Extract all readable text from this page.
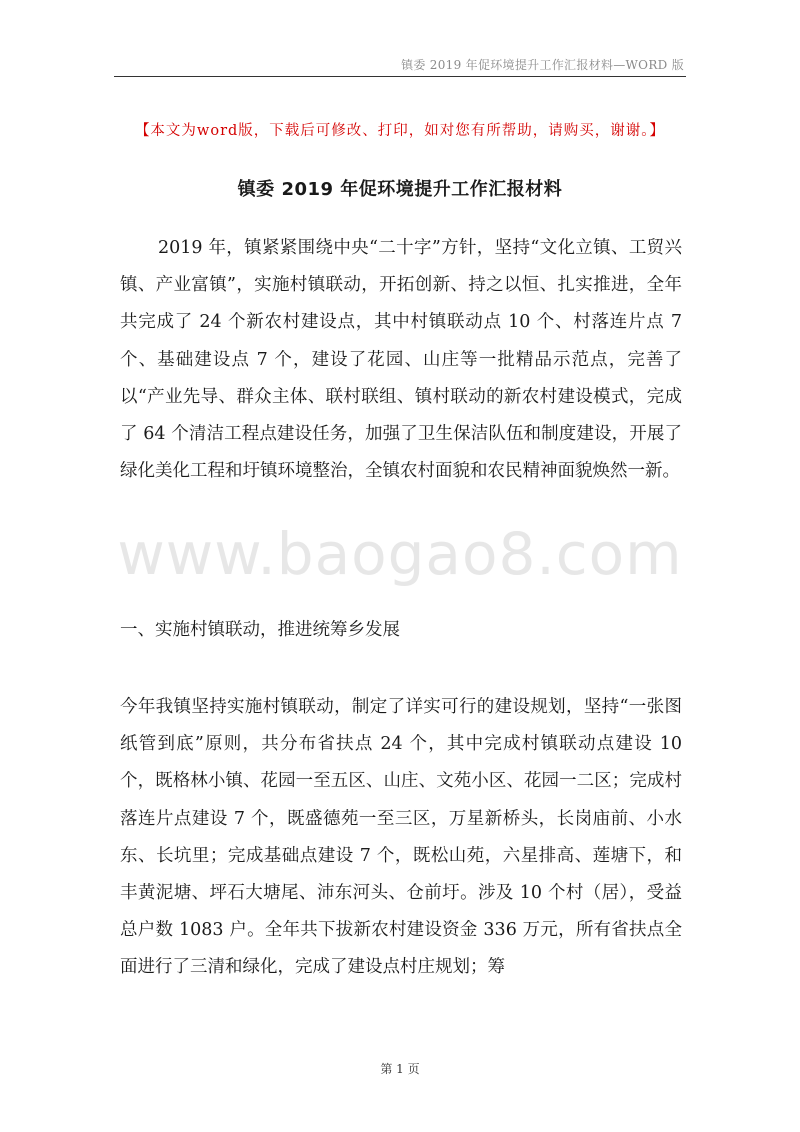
镇委 2019 年促环境提升工作汇报材料—WORD 版
【本文为word版，下载后可修改、打印，如对您有所帮助，请购买，谢谢。】
镇委 2019 年促环境提升工作汇报材料

2019 年，镇紧紧围绕中央“二十字”方针，坚持“文化立镇、工贸兴镇、产业富镇”，实施村镇联动，开拓创新、持之以恒、扎实推进，全年共完成了 24 个新农村建设点，其中村镇联动点 10 个、村落连片点 7 个、基础建设点 7 个，建设了花园、山庄等一批精品示范点，完善了以“产业先导、群众主体、联村联组、镇村联动的新农村建设模式，完成了 64 个清洁工程点建设任务，加强了卫生保洁队伍和制度建设，开展了绿化美化工程和圩镇环境整治，全镇农村面貌和农民精神面貌焕然一新。

www.baogao8.com

一、实施村镇联动，推进统筹乡发展

今年我镇坚持实施村镇联动，制定了详实可行的建设规划，坚持“一张图纸管到底”原则，共分布省扶点 24 个，其中完成村镇联动点建设 10 个，既格林小镇、花园一至五区、山庄、文苑小区、花园一二区；完成村落连片点建设 7 个，既盛德苑一至三区，万星新桥头，长岗庙前、小水东、长坑里；完成基础点建设 7 个，既松山苑，六星排高、莲塘下，和丰黄泥塘、坪石大塘尾、沛东河头、仓前圩。涉及 10 个村（居），受益总户数 1083 户。全年共下拔新农村建设资金 336 万元，所有省扶点全面进行了三清和绿化，完成了建设点村庄规划；筹

第 1 页
